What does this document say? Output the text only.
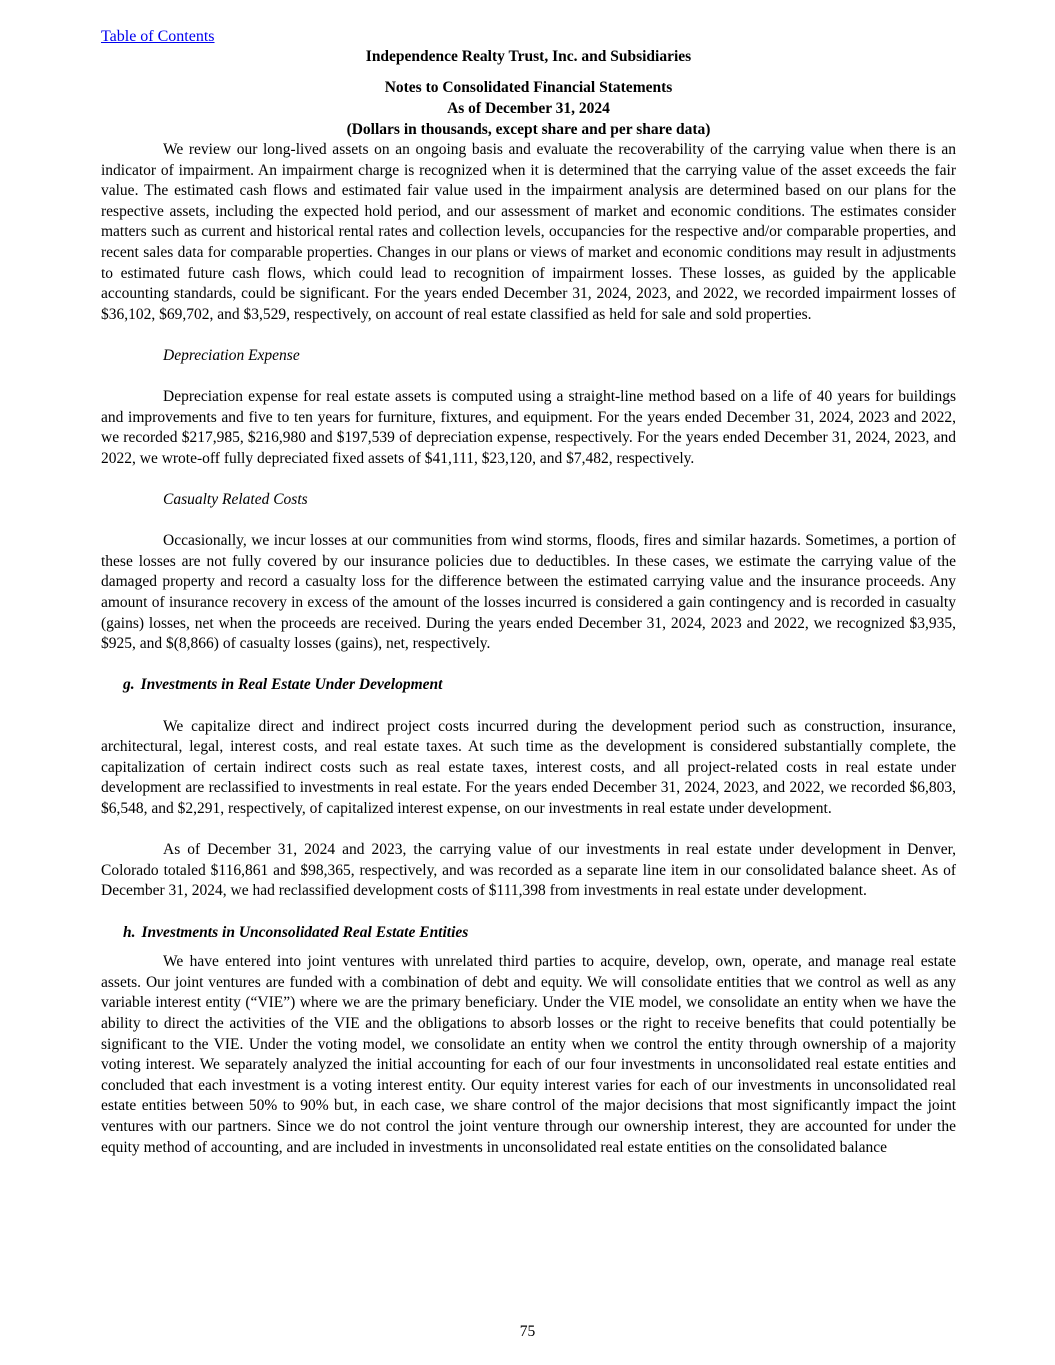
Table of Contents
Independence Realty Trust, Inc. and Subsidiaries
Notes to Consolidated Financial Statements
As of December 31, 2024
(Dollars in thousands, except share and per share data)

We review our long-lived assets on an ongoing basis and evaluate the recoverability of the carrying value when there is an indicator of impairment. An impairment charge is recognized when it is determined that the carrying value of the asset exceeds the fair value. The estimated cash flows and estimated fair value used in the impairment analysis are determined based on our plans for the respective assets, including the expected hold period, and our assessment of market and economic conditions. The estimates consider matters such as current and historical rental rates and collection levels, occupancies for the respective and/or comparable properties, and recent sales data for comparable properties. Changes in our plans or views of market and economic conditions may result in adjustments to estimated future cash flows, which could lead to recognition of impairment losses. These losses, as guided by the applicable accounting standards, could be significant. For the years ended December 31, 2024, 2023, and 2022, we recorded impairment losses of $36,102, $69,702, and $3,529, respectively, on account of real estate classified as held for sale and sold properties.

Depreciation Expense

Depreciation expense for real estate assets is computed using a straight-line method based on a life of 40 years for buildings and improvements and five to ten years for furniture, fixtures, and equipment. For the years ended December 31, 2024, 2023 and 2022, we recorded $217,985, $216,980 and $197,539 of depreciation expense, respectively. For the years ended December 31, 2024, 2023, and 2022, we wrote-off fully depreciated fixed assets of $41,111, $23,120, and $7,482, respectively.

Casualty Related Costs

Occasionally, we incur losses at our communities from wind storms, floods, fires and similar hazards. Sometimes, a portion of these losses are not fully covered by our insurance policies due to deductibles. In these cases, we estimate the carrying value of the damaged property and record a casualty loss for the difference between the estimated carrying value and the insurance proceeds. Any amount of insurance recovery in excess of the amount of the losses incurred is considered a gain contingency and is recorded in casualty (gains) losses, net when the proceeds are received. During the years ended December 31, 2024, 2023 and 2022, we recognized $3,935, $925, and $(8,866) of casualty losses (gains), net, respectively.

g. Investments in Real Estate Under Development

We capitalize direct and indirect project costs incurred during the development period such as construction, insurance, architectural, legal, interest costs, and real estate taxes. At such time as the development is considered substantially complete, the capitalization of certain indirect costs such as real estate taxes, interest costs, and all project-related costs in real estate under development are reclassified to investments in real estate. For the years ended December 31, 2024, 2023, and 2022, we recorded $6,803, $6,548, and $2,291, respectively, of capitalized interest expense, on our investments in real estate under development.

As of December 31, 2024 and 2023, the carrying value of our investments in real estate under development in Denver, Colorado totaled $116,861 and $98,365, respectively, and was recorded as a separate line item in our consolidated balance sheet. As of December 31, 2024, we had reclassified development costs of $111,398 from investments in real estate under development.

h. Investments in Unconsolidated Real Estate Entities

We have entered into joint ventures with unrelated third parties to acquire, develop, own, operate, and manage real estate assets. Our joint ventures are funded with a combination of debt and equity. We will consolidate entities that we control as well as any variable interest entity (“VIE”) where we are the primary beneficiary. Under the VIE model, we consolidate an entity when we have the ability to direct the activities of the VIE and the obligations to absorb losses or the right to receive benefits that could potentially be significant to the VIE. Under the voting model, we consolidate an entity when we control the entity through ownership of a majority voting interest. We separately analyzed the initial accounting for each of our four investments in unconsolidated real estate entities and concluded that each investment is a voting interest entity. Our equity interest varies for each of our investments in unconsolidated real estate entities between 50% to 90% but, in each case, we share control of the major decisions that most significantly impact the joint ventures with our partners. Since we do not control the joint venture through our ownership interest, they are accounted for under the equity method of accounting, and are included in investments in unconsolidated real estate entities on the consolidated balance

75
